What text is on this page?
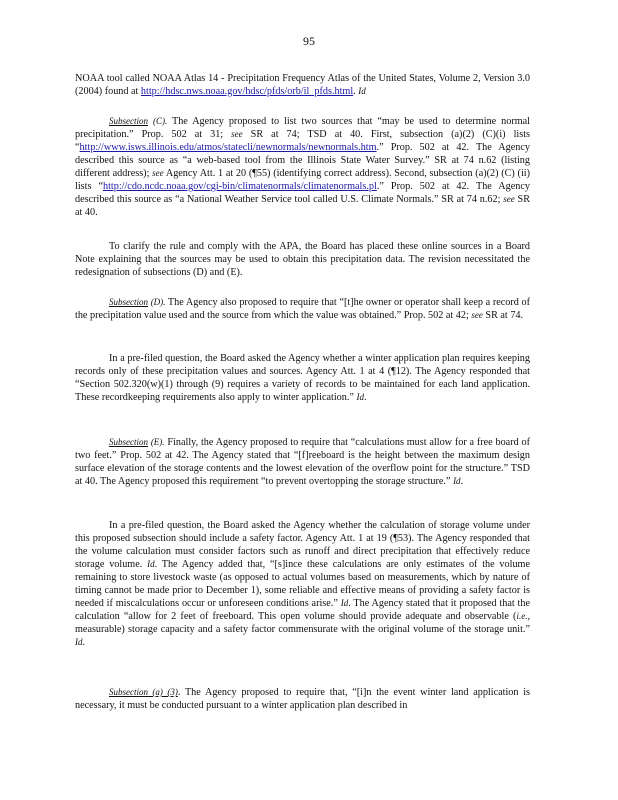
95

NOAA tool called NOAA Atlas 14 - Precipitation Frequency Atlas of the United States, Volume 2, Version 3.0 (2004) found at http://hdsc.nws.noaa.gov/hdsc/pfds/orb/il_pfds.html. Id

Subsection (C). The Agency proposed to list two sources that “may be used to determine normal precipitation.” Prop. 502 at 31; see SR at 74; TSD at 40. First, subsection (a)(2) (C)(i) lists “http://www.isws.illinois.edu/atmos/statecli/newnormals/newnormals.htm.” Prop. 502 at 42. The Agency described this source as “a web-based tool from the Illinois State Water Survey.” SR at 74 n.62 (listing different address); see Agency Att. 1 at 20 (¶55) (identifying correct address). Second, subsection (a)(2) (C) (ii) lists “http://cdo.ncdc.noaa.gov/cgi-bin/climatenormals/climatenormals.pl.” Prop. 502 at 42. The Agency described this source as “a National Weather Service tool called U.S. Climate Normals.” SR at 74 n.62; see SR at 40.

To clarify the rule and comply with the APA, the Board has placed these online sources in a Board Note explaining that the sources may be used to obtain this precipitation data. The revision necessitated the redesignation of subsections (D) and (E).

Subsection (D). The Agency also proposed to require that “[t]he owner or operator shall keep a record of the precipitation value used and the source from which the value was obtained.” Prop. 502 at 42; see SR at 74.

In a pre-filed question, the Board asked the Agency whether a winter application plan requires keeping records only of these precipitation values and sources. Agency Att. 1 at 4 (¶12). The Agency responded that “Section 502.320(w)(1) through (9) requires a variety of records to be maintained for each land application. These recordkeeping requirements also apply to winter application.” Id.

Subsection (E). Finally, the Agency proposed to require that “calculations must allow for a free board of two feet.” Prop. 502 at 42. The Agency stated that “[f]reeboard is the height between the maximum design surface elevation of the storage contents and the lowest elevation of the overflow point for the structure.” TSD at 40. The Agency proposed this requirement “to prevent overtopping the storage structure.” Id.

In a pre-filed question, the Board asked the Agency whether the calculation of storage volume under this proposed subsection should include a safety factor. Agency Att. 1 at 19 (¶53). The Agency responded that the volume calculation must consider factors such as runoff and direct precipitation that effectively reduce storage volume. Id. The Agency added that, “[s]ince these calculations are only estimates of the volume remaining to store livestock waste (as opposed to actual volumes based on measurements, which by nature of timing cannot be made prior to December 1), some reliable and effective means of providing a safety factor is needed if miscalculations occur or unforeseen conditions arise.” Id. The Agency stated that it proposed that the calculation “allow for 2 feet of freeboard. This open volume should provide adequate and observable (i.e., measurable) storage capacity and a safety factor commensurate with the original volume of the storage unit.” Id.

Subsection (a) (3). The Agency proposed to require that, “[i]n the event winter land application is necessary, it must be conducted pursuant to a winter application plan described in
